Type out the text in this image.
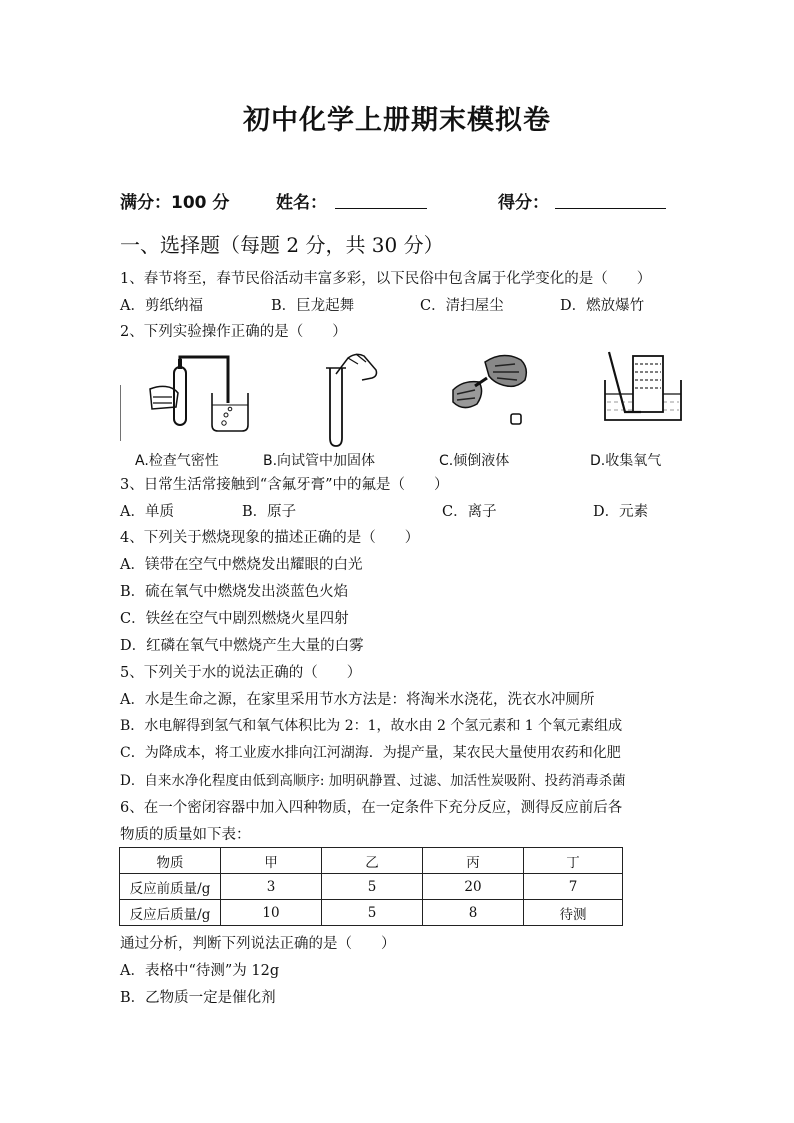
初中化学上册期末模拟卷
满分：100 分	姓名：	得分：
一、选择题（每题 2 分，共 30 分）
1、春节将至，春节民俗活动丰富多彩，以下民俗中包含属于化学变化的是（　　）
A．剪纸纳福	B．巨龙起舞	C．清扫屋尘	D．燃放爆竹
2、下列实验操作正确的是（　　）
A.检查气密性	B.向试管中加固体	C.倾倒液体	D.收集氧气
3、日常生活常接触到“含氟牙膏”中的氟是（　　）
A．单质	B．原子	C．离子	D．元素
4、下列关于燃烧现象的描述正确的是（　　）
A．镁带在空气中燃烧发出耀眼的白光
B．硫在氧气中燃烧发出淡蓝色火焰
C．铁丝在空气中剧烈燃烧火星四射
D．红磷在氧气中燃烧产生大量的白雾
5、下列关于水的说法正确的（　　）
A．水是生命之源，在家里采用节水方法是：将淘米水浇花，洗衣水冲厕所
B．水电解得到氢气和氧气体积比为 2：1，故水由 2 个氢元素和 1 个氧元素组成
C．为降成本，将工业废水排向江河湖海．为提产量，某农民大量使用农药和化肥
D．自来水净化程度由低到高顺序: 加明矾静置、过滤、加活性炭吸附、投药消毒杀菌
6、在一个密闭容器中加入四种物质，在一定条件下充分反应，测得反应前后各
物质的质量如下表：
物质	甲	乙	丙	丁
反应前质量/g	3	5	20	7
反应后质量/g	10	5	8	待测
通过分析，判断下列说法正确的是（　　）
A．表格中“待测”为 12g
B．乙物质一定是催化剂
